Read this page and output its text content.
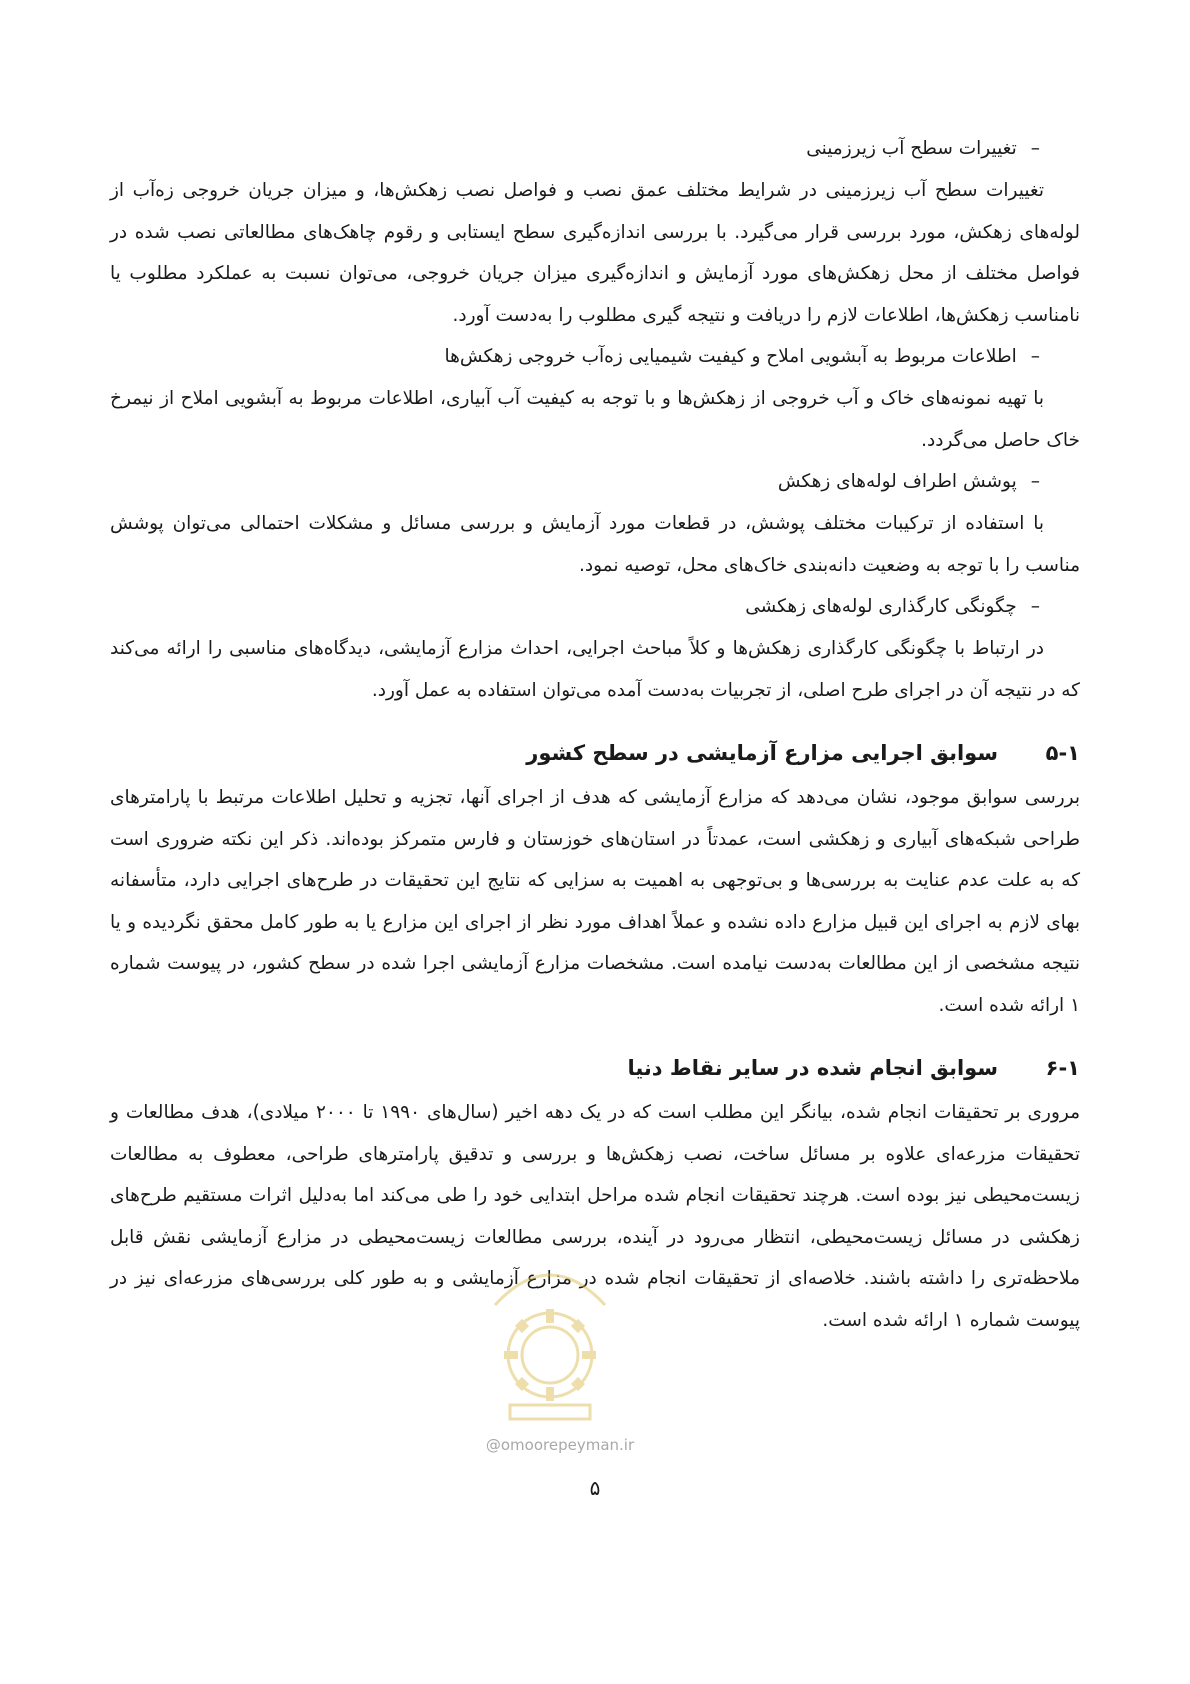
–تغییرات سطح آب زیرزمینی

تغییرات سطح آب زیرزمینی در شرایط مختلف عمق نصب و فواصل نصب زهکش‌ها، و میزان جریان خروجی زه‌آب از لوله‌های زهکش، مورد بررسی قرار می‌گیرد. با بررسی اندازه‌گیری سطح ایستابی و رقوم چاهک‌های مطالعاتی نصب شده در فواصل مختلف از محل زهکش‌های مورد آزمایش و اندازه‌گیری میزان جریان خروجی، می‌توان نسبت به عملکرد مطلوب یا نامناسب زهکش‌ها، اطلاعات لازم را دریافت و نتیجه گیری مطلوب را به‌دست آورد.

–اطلاعات مربوط به آبشویی املاح و کیفیت شیمیایی زه‌آب خروجی زهکش‌ها

با تهیه نمونه‌های خاک و آب خروجی از زهکش‌ها و با توجه به کیفیت آب آبیاری، اطلاعات مربوط به آبشویی املاح از نیمرخ خاک حاصل می‌گردد.

–پوشش اطراف لوله‌های زهکش

با استفاده از ترکیبات مختلف پوشش، در قطعات مورد آزمایش و بررسی مسائل و مشکلات احتمالی می‌توان پوشش مناسب را با توجه به وضعیت دانه‌بندی خاک‌های محل، توصیه نمود.

–چگونگی کارگذاری لوله‌های زهکشی

در ارتباط با چگونگی کارگذاری زهکش‌ها و کلاً مباحث اجرایی، احداث مزارع آزمایشی، دیدگاه‌های مناسبی را ارائه می‌کند که در نتیجه آن در اجرای طرح اصلی، از تجربیات به‌دست آمده می‌توان استفاده به عمل آورد.

۵-۱سوابق اجرایی مزارع آزمایشی در سطح کشور

بررسی سوابق موجود، نشان می‌دهد که مزارع آزمایشی که هدف از اجرای آنها، تجزیه و تحلیل اطلاعات مرتبط با پارامترهای طراحی شبکه‌های آبیاری و زهکشی است، عمدتاً در استان‌های خوزستان و فارس متمرکز بوده‌اند. ذکر این نکته ضروری است که به علت عدم عنایت به بررسی‌ها و بی‌توجهی به اهمیت به سزایی که نتایج این تحقیقات در طرح‌های اجرایی دارد، متأسفانه بهای لازم به اجرای این قبیل مزارع داده نشده و عملاً اهداف مورد نظر از اجرای این مزارع یا به طور کامل محقق نگردیده و یا نتیجه مشخصی از این مطالعات به‌دست نیامده است. مشخصات مزارع آزمایشی اجرا شده در سطح کشور، در پیوست شماره ۱ ارائه شده است.

۶-۱سوابق انجام شده در سایر نقاط دنیا

مروری بر تحقیقات انجام شده، بیانگر این مطلب است که در یک دهه اخیر (سال‌های ۱۹۹۰ تا ۲۰۰۰ میلادی)، هدف مطالعات و تحقیقات مزرعه‌ای علاوه بر مسائل ساخت، نصب زهکش‌ها و بررسی و تدقیق پارامترهای طراحی، معطوف به مطالعات زیست‌محیطی نیز بوده است. هرچند تحقیقات انجام شده مراحل ابتدایی خود را طی می‌کند اما به‌دلیل اثرات مستقیم طرح‌های زهکشی در مسائل زیست‌محیطی، انتظار می‌رود در آینده، بررسی مطالعات زیست‌محیطی در مزارع آزمایشی نقش قابل ملاحظه‌تری را داشته باشند. خلاصه‌ای از تحقیقات انجام شده در مزارع آزمایشی و به طور کلی بررسی‌های مزرعه‌ای نیز در پیوست شماره ۱ ارائه شده است.

@omoorepeyman.ir
۵
